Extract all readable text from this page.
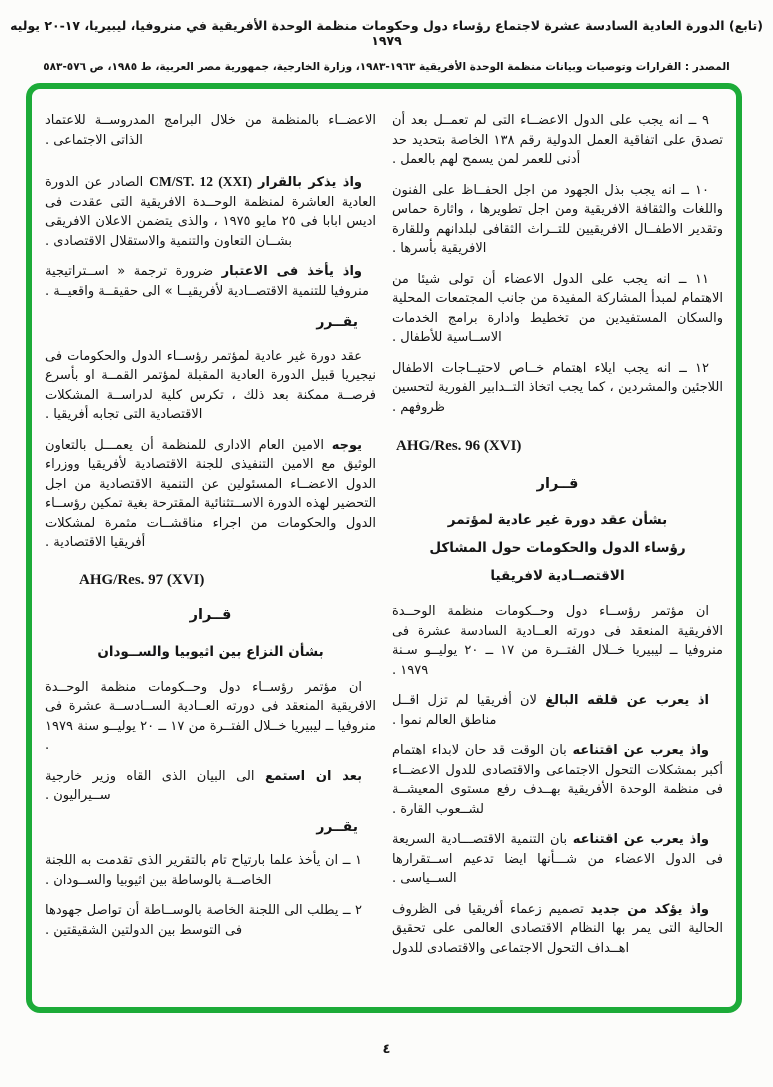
(تابع) الدورة العادية السادسة عشرة لاجتماع رؤساء دول وحكومات منظمة الوحدة الأفريقية في منروفيا، ليبيريا، ١٧-٢٠ يوليه ١٩٧٩

المصدر : القرارات وتوصيات وبيانات منظمة الوحدة الأفريقية ١٩٦٣-١٩٨٣، وزارة الخارجية، جمهورية مصر العربية، ط ١٩٨٥، ص ٥٧٦-٥٨٣

٩ ــ انه يجب على الدول الاعضــاء التى لم تعمــل بعد أن تصدق على اتفاقية العمل الدولية رقم ١٣٨ الخاصة بتحديد حد أدنى للعمر لمن يسمح لهم بالعمل .

١٠ ــ انه يجب بذل الجهود من اجل الحفــاظ على الفنون واللغات والثقافة الافريقية ومن اجل تطويرها ، واثارة حماس وتقدير الاطفــال الافريقيين للتــراث الثقافى لبلدانهم وللقارة الافريقية بأسرها .

١١ ــ انه يجب على الدول الاعضاء أن تولى شيئا من الاهتمام لمبدأ المشاركة المفيدة من جانب المجتمعات المحلية والسكان المستفيدين من تخطيط وادارة برامج الخدمات الاســاسية للأطفال .

١٢ ــ انه يجب ايلاء اهتمام خــاص لاحتيــاجات الاطفال اللاجئين والمشردين ، كما يجب اتخاذ التــدابير الفورية لتحسين ظروفهم .

AHG/Res. 96 (XVI)
قــرار
بشأن عقد دورة غير عادية لمؤتمر
رؤساء الدول والحكومات حول المشاكل
الاقتصــادية لافريقيا

ان مؤتمر رؤســاء دول وحــكومات منظمة الوحــدة الافريقية المنعقد فى دورته العــادية السادسة عشرة فى منروفيا ــ ليبيريا خــلال الفتــرة من ١٧ ــ ٢٠ يوليــو سـنة ١٩٧٩ .

اذ يعرب عن قلقه البالغ لان أفريقيا لم تزل اقــل مناطق العالم نموا .

واذ يعرب عن اقتناعه بان الوقت قد حان لابداء اهتمام أكبر بمشكلات التحول الاجتماعى والاقتصادى للدول الاعضــاء فى منظمة الوحدة الأفريقية بهــدف رفع مستوى المعيشــة لشــعوب القارة .

واذ يعرب عن اقتناعه بان التنمية الاقتصـــادية السريعة فى الدول الاعضاء من شـــأنها ايضا تدعيم اســتقرارها الســياسى .

واذ يؤكد من جديد تصميم زعماء أفريقيا فى الظروف الحالية التى يمر بها النظام الاقتصادى العالمى على تحقيق اهــداف التحول الاجتماعى والاقتصادى للدول

الاعضــاء بالمنظمة من خلال البرامج المدروســة للاعتماد الذاتى الاجتماعى .

واذ يذكر بالقرار CM/ST. 12 (XXI) الصادر عن الدورة العادية العاشرة لمنظمة الوحــدة الافريقية التى عقدت فى اديس ابابا فى ٢٥ مايو ١٩٧٥ ، والذى يتضمن الاعلان الافريقى بشــان التعاون والتنمية والاستقلال الاقتصادى .

واذ يأخذ فى الاعتبار ضرورة ترجمة « اســتراتيجية منروفيا للتنمية الاقتصــادية لأفريقيــا » الى حقيقــة واقعيــة .

يقــرر

عقد دورة غير عادية لمؤتمر رؤســاء الدول والحكومات فى نيجيريا قبيل الدورة العادية المقبلة لمؤتمر القمــة او بأسرع فرصــة ممكنة بعد ذلك ، تكرس كلية لدراســة المشكلات الاقتصادية التى تجابه أفريقيا .

يوجه الامين العام الادارى للمنظمة أن يعمـــل بالتعاون الوثيق مع الامين التنفيذى للجنة الاقتصادية لأفريقيا ووزراء الدول الاعضــاء المسئولين عن التنمية الاقتصادية من اجل التحضير لهذه الدورة الاســتثنائية المقترحة بغية تمكين رؤســاء الدول والحكومات من اجراء مناقشــات مثمرة لمشكلات أفريقيا الاقتصادية .

AHG/Res. 97 (XVI)
قــرار
بشأن النزاع بين اثيوبيا والســودان

ان مؤتمر رؤســاء دول وحــكومات منظمة الوحــدة الافريقية المنعقد فى دورته العــادية الســادســة عشرة فى منروفيا ــ ليبيريا خــلال الفتــرة من ١٧ ــ ٢٠ يوليــو سنة ١٩٧٩ .

بعد ان استمع الى البيان الذى القاه وزير خارجية ســيراليون .

يقــرر

١ ــ ان يأخذ علما بارتياح تام بالتقرير الذى تقدمت به اللجنة الخاصــة بالوساطة بين اثيوبيا والســودان .

٢ ــ يطلب الى اللجنة الخاصة بالوســاطة أن تواصل جهودها فى التوسط بين الدولتين الشقيقتين .

٤
